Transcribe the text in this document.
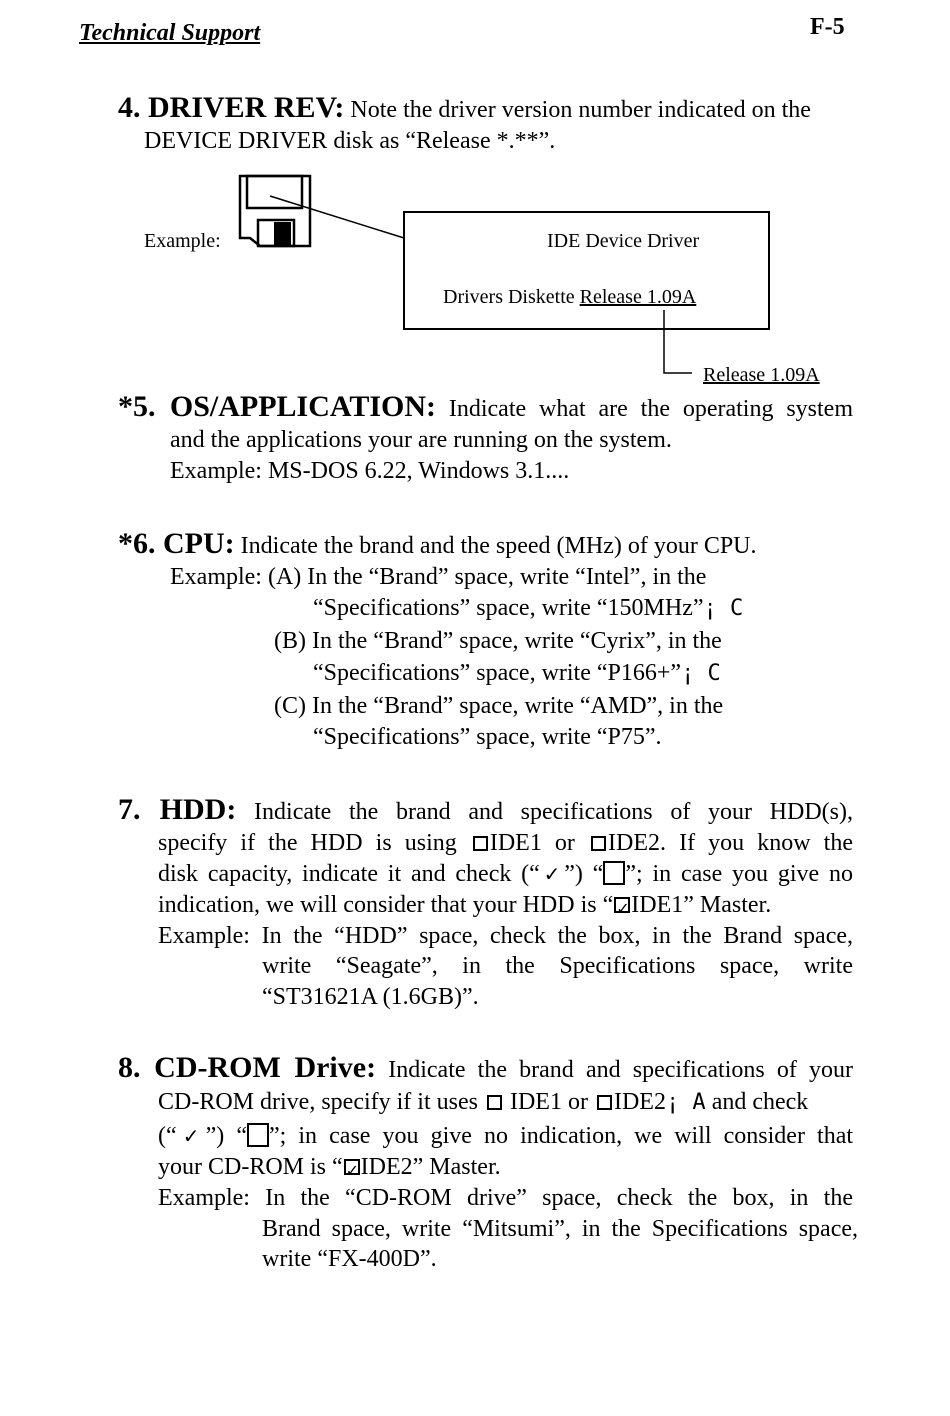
Technical Support	F-5
4. DRIVER REV: Note the driver version number indicated on the
DEVICE DRIVER disk as “Release *.**”.
Example:	IDE Device Driver
Drivers Diskette Release 1.09A
Release 1.09A
*5. OS/APPLICATION: Indicate what are the operating system
and the applications your are running on the system.
Example: MS-DOS 6.22, Windows 3.1....
*6. CPU: Indicate the brand and the speed (MHz) of your CPU.
Example: (A) In the “Brand” space, write “Intel”, in the
“Specifications” space, write “150MHz”¡ C
(B) In the “Brand” space, write “Cyrix”, in the
“Specifications” space, write “P166+”¡ C
(C) In the “Brand” space, write “AMD”, in the
“Specifications” space, write “P75”.
7. HDD: Indicate the brand and specifications of your HDD(s),
specify if the HDD is using IDE1 or IDE2. If you know the
disk capacity, indicate it and check (“✓”) “ ”; in case you give no
indication, we will consider that your HDD is “ ✓ IDE1” Master.
Example: In the “HDD” space, check the box, in the Brand space,
write “Seagate”, in the Specifications space, write
“ST31621A (1.6GB)”.
8. CD-ROM Drive: Indicate the brand and specifications of your
CD-ROM drive, specify if it uses  IDE1 or IDE2¡ A and check
(“✓”) “ ”; in case you give no indication, we will consider that
your CD-ROM is “ ✓ IDE2” Master.
Example: In the “CD-ROM drive” space, check the box, in the
Brand space, write “Mitsumi”, in the Specifications space,
write “FX-400D”.
